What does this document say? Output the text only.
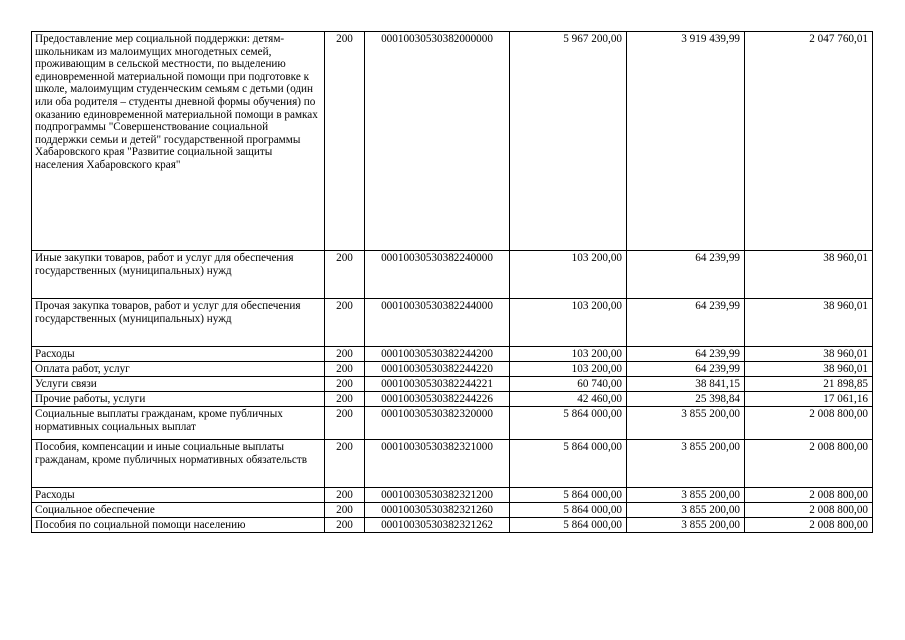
Предоставление мер социальной поддержки: детям-школьникам из малоимущих многодетных семей, проживающим в сельской местности, по выделению единовременной материальной помощи при подготовке к школе, малоимущим студенческим семьям с детьми (один или оба родителя – студенты дневной формы обучения) по оказанию единовременной материальной помощи в рамках подпрограммы "Совершенствование социальной поддержки семьи и детей" государственной программы Хабаровского края "Развитие социальной защиты населения Хабаровского края"	200	00010030530382000000	5 967 200,00	3 919 439,99	2 047 760,01
Иные закупки товаров, работ и услуг для обеспечения государственных (муниципальных) нужд	200	00010030530382240000	103 200,00	64 239,99	38 960,01
Прочая закупка товаров, работ и услуг для обеспечения государственных (муниципальных) нужд	200	00010030530382244000	103 200,00	64 239,99	38 960,01
Расходы	200	00010030530382244200	103 200,00	64 239,99	38 960,01
Оплата работ, услуг	200	00010030530382244220	103 200,00	64 239,99	38 960,01
Услуги связи	200	00010030530382244221	60 740,00	38 841,15	21 898,85
Прочие работы, услуги	200	00010030530382244226	42 460,00	25 398,84	17 061,16
Социальные выплаты гражданам, кроме публичных нормативных социальных выплат	200	00010030530382320000	5 864 000,00	3 855 200,00	2 008 800,00
Пособия, компенсации и иные социальные выплаты гражданам, кроме публичных нормативных обязательств	200	00010030530382321000	5 864 000,00	3 855 200,00	2 008 800,00
Расходы	200	00010030530382321200	5 864 000,00	3 855 200,00	2 008 800,00
Социальное обеспечение	200	00010030530382321260	5 864 000,00	3 855 200,00	2 008 800,00
Пособия по социальной помощи населению	200	00010030530382321262	5 864 000,00	3 855 200,00	2 008 800,00
